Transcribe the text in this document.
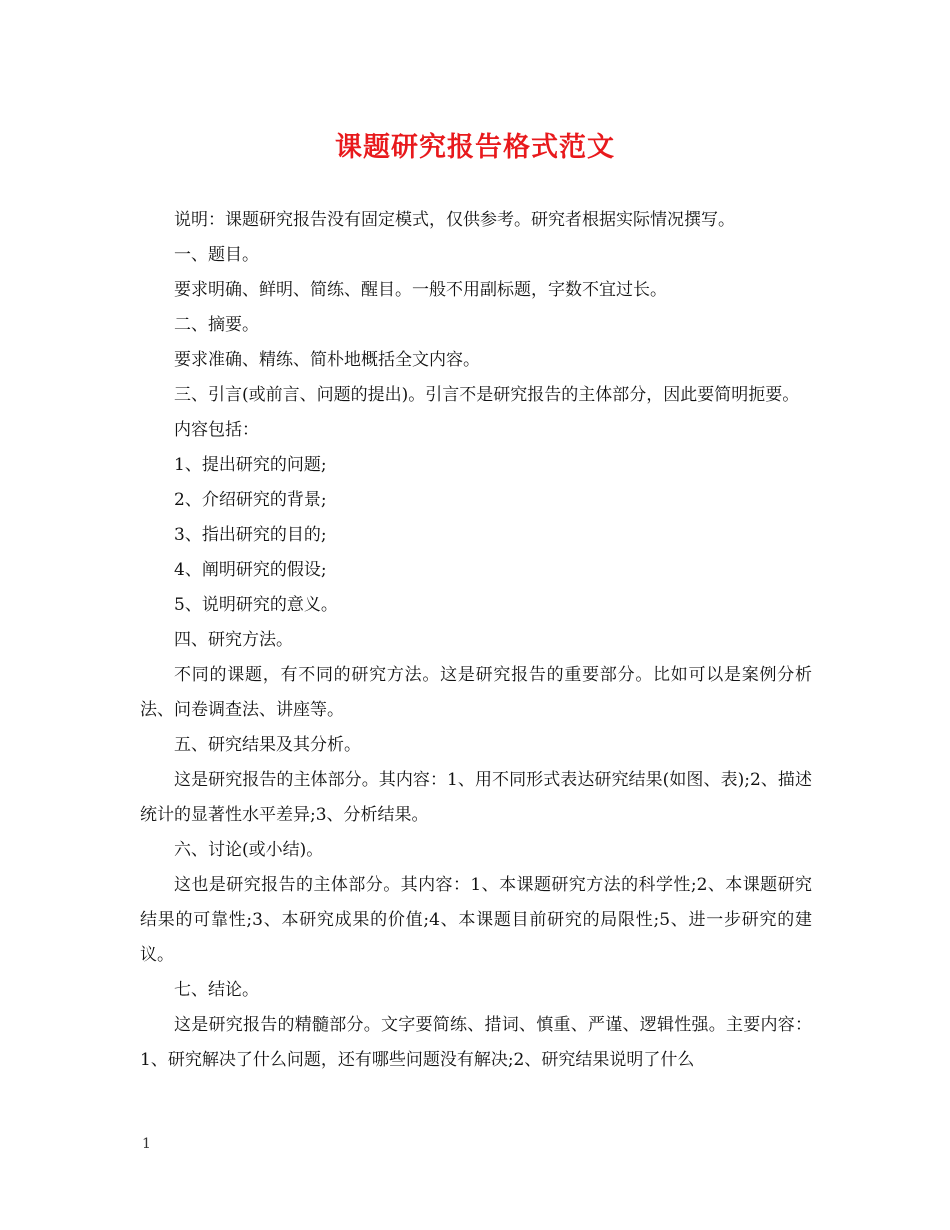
课题研究报告格式范文

说明：课题研究报告没有固定模式，仅供参考。研究者根据实际情况撰写。

一、题目。

要求明确、鲜明、简练、醒目。一般不用副标题，字数不宜过长。

二、摘要。

要求准确、精练、简朴地概括全文内容。

三、引言(或前言、问题的提出)。引言不是研究报告的主体部分，因此要简明扼要。

内容包括：

1、提出研究的问题;

2、介绍研究的背景;

3、指出研究的目的;

4、阐明研究的假设;

5、说明研究的意义。

四、研究方法。

不同的课题，有不同的研究方法。这是研究报告的重要部分。比如可以是案例分析法、问卷调查法、讲座等。

五、研究结果及其分析。

这是研究报告的主体部分。其内容：1、用不同形式表达研究结果(如图、表);2、描述统计的显著性水平差异;3、分析结果。

六、讨论(或小结)。

这也是研究报告的主体部分。其内容：1、本课题研究方法的科学性;2、本课题研究结果的可靠性;3、本研究成果的价值;4、本课题目前研究的局限性;5、进一步研究的建议。

七、结论。

这是研究报告的精髓部分。文字要简练、措词、慎重、严谨、逻辑性强。主要内容：1、研究解决了什么问题，还有哪些问题没有解决;2、研究结果说明了什么

1
